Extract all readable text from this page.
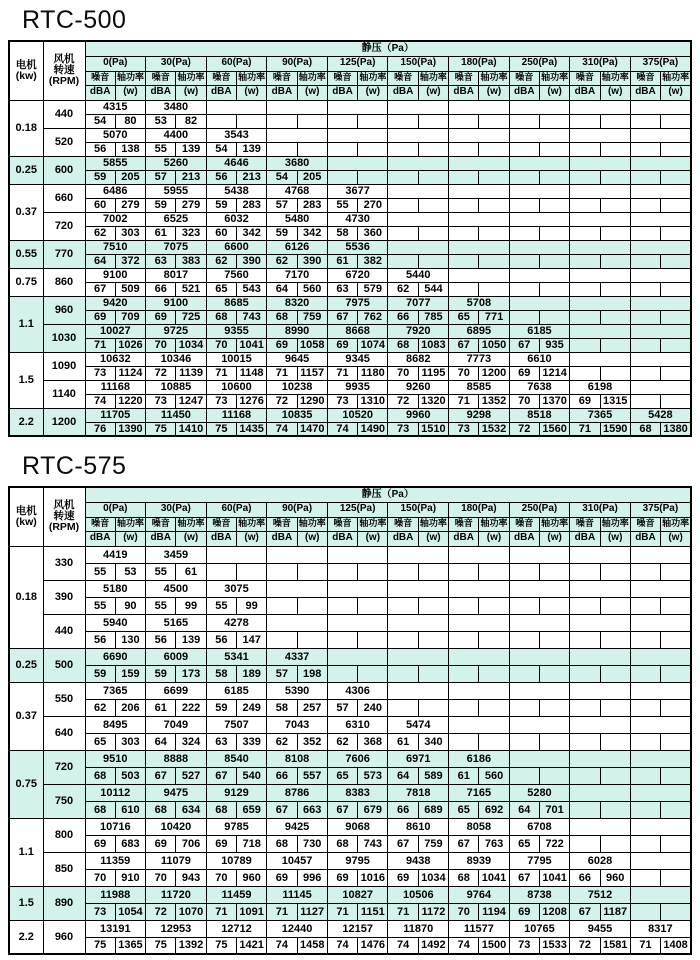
RTC-500
电机
(kw)	风机
转速
(RPM)	静压（Pa）																			
		0(Pa)		30(Pa)		60(Pa)		90(Pa)		125(Pa)		150(Pa)		180(Pa)		250(Pa)		310(Pa)		375(Pa)	
		噪音	轴功率	噪音	轴功率	噪音	轴功率	噪音	轴功率	噪音	轴功率	噪音	轴功率	噪音	轴功率	噪音	轴功率	噪音	轴功率	噪音	轴功率
		dBA	(w)	dBA	(w)	dBA	(w)	dBA	(w)	dBA	(w)	dBA	(w)	dBA	(w)	dBA	(w)	dBA	(w)	dBA	(w)
0.18	440	4315		3480																	
		54	80	53	82																
	520	5070		4400		3543															
		56	138	55	139	54	139														
0.25	600	5855		5260		4646		3680													
		59	205	57	213	56	213	54	205												
0.37	660	6486		5955		5438		4768		3677											
		60	279	59	279	59	283	57	283	55	270										
	720	7002		6525		6032		5480		4730											
		62	303	61	323	60	342	59	342	58	360										
0.55	770	7510		7075		6600		6126		5536											
		64	372	63	383	62	390	62	390	61	382										
0.75	860	9100		8017		7560		7170		6720		5440									
		67	509	66	521	65	543	64	560	63	579	62	544								
1.1	960	9420		9100		8685		8320		7975		7077		5708							
		69	709	69	725	68	743	68	759	67	762	66	785	65	771						
	1030	10027		9725		9355		8990		8668		7920		6895		6185					
		71	1026	70	1034	70	1041	69	1058	69	1074	68	1083	67	1050	67	935				
1.5	1090	10632		10346		10015		9645		9345		8682		7773		6610					
		73	1124	72	1139	71	1148	71	1157	71	1180	70	1195	70	1200	69	1214				
	1140	11168		10885		10600		10238		9935		9260		8585		7638		6198			
		74	1220	73	1247	73	1276	72	1290	73	1310	72	1320	71	1352	70	1370	69	1315		
2.2	1200	11705		11450		11168		10835		10520		9960		9298		8518		7365		5428	
		76	1390	75	1410	75	1435	74	1470	74	1490	73	1510	73	1532	72	1560	71	1590	68	1380
RTC-575
电机
(kw)	风机
转速
(RPM)	静压（Pa）																			
		0(Pa)		30(Pa)		60(Pa)		90(Pa)		125(Pa)		150(Pa)		180(Pa)		250(Pa)		310(Pa)		375(Pa)	
		噪音	轴功率	噪音	轴功率	噪音	轴功率	噪音	轴功率	噪音	轴功率	噪音	轴功率	噪音	轴功率	噪音	轴功率	噪音	轴功率	噪音	轴功率
		dBA	(w)	dBA	(w)	dBA	(w)	dBA	(w)	dBA	(w)	dBA	(w)	dBA	(w)	dBA	(w)	dBA	(w)	dBA	(w)
0.18	330	4419		3459																	
		55	53	55	61																
	390	5180		4500		3075															
		55	90	55	99	55	99														
	440	5940		5165		4278															
		56	130	56	139	56	147														
0.25	500	6690		6009		5341		4337													
		59	159	59	173	58	189	57	198												
0.37	550	7365		6699		6185		5390		4306											
		62	206	61	222	59	249	58	257	57	240										
	640	8495		7049		7507		7043		6310		5474									
		65	303	64	324	63	339	62	352	62	368	61	340								
0.75	720	9510		8888		8540		8108		7606		6971		6186							
		68	503	67	527	67	540	66	557	65	573	64	589	61	560						
	750	10112		9475		9129		8786		8383		7818		7165		5280					
		68	610	68	634	68	659	67	663	67	679	66	689	65	692	64	701				
1.1	800	10716		10420		9785		9425		9068		8610		8058		6708					
		69	683	69	706	69	718	68	730	68	743	67	759	67	763	65	722				
	850	11359		11079		10789		10457		9795		9438		8939		7795		6028			
		70	910	70	943	70	960	69	996	69	1016	69	1034	68	1041	67	1041	66	960		
1.5	890	11988		11720		11459		11145		10827		10506		9764		8738		7512			
		73	1054	72	1070	71	1091	71	1127	71	1151	71	1172	70	1194	69	1208	67	1187		
2.2	960	13191		12953		12712		12440		12157		11870		11577		10765		9455		8317	
		75	1365	75	1392	75	1421	74	1458	74	1476	74	1492	74	1500	73	1533	72	1581	71	1408
